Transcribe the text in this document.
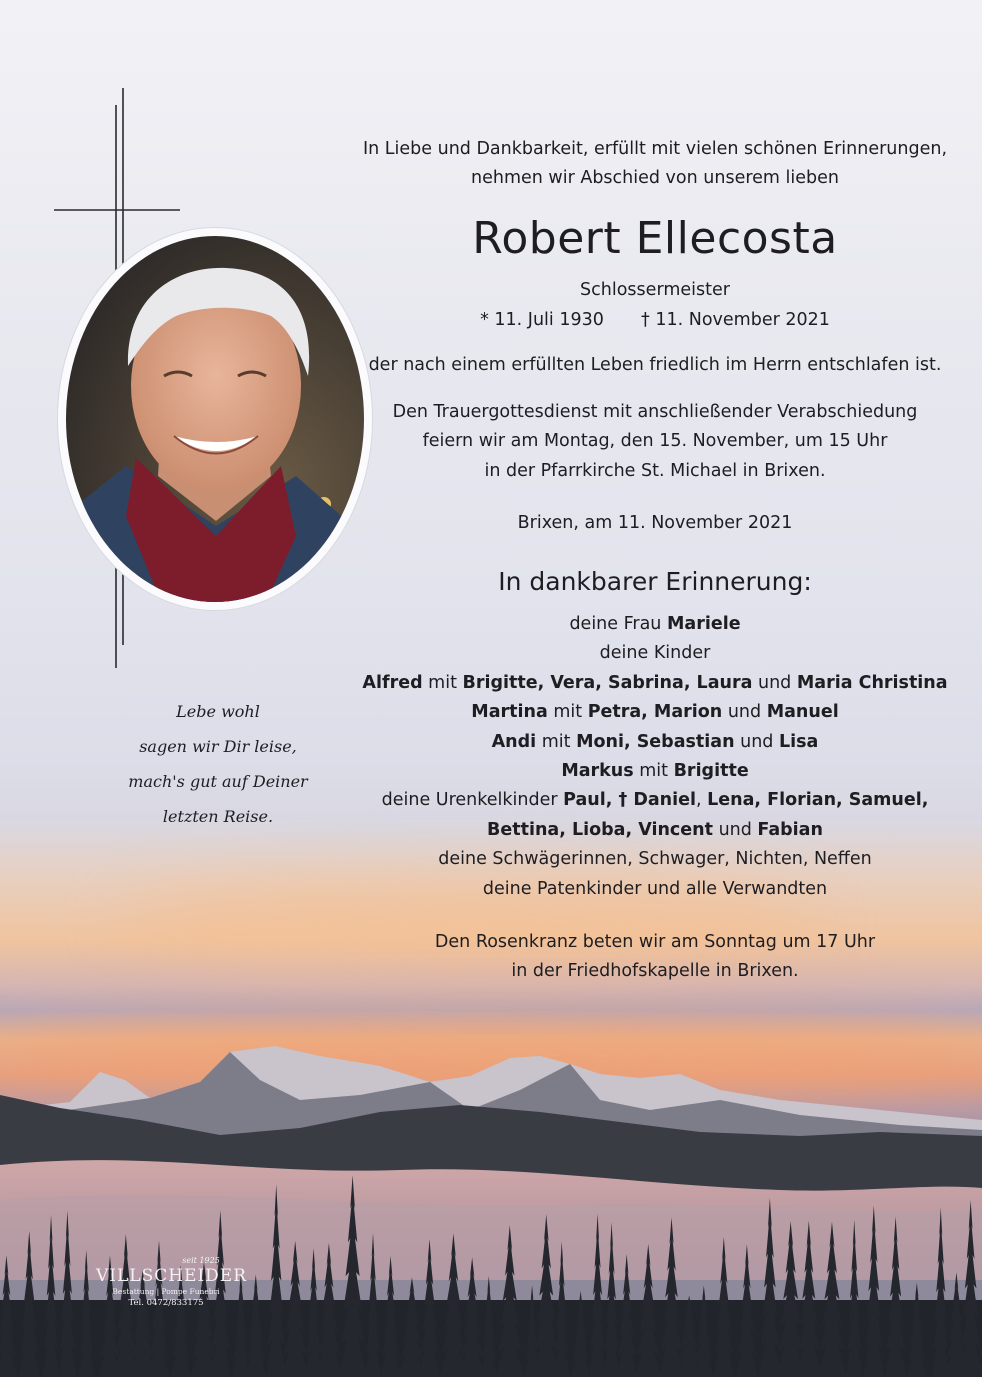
In Liebe und Dankbarkeit, erfüllt mit vielen schönen Erinnerungen,
nehmen wir Abschied von unserem lieben
Robert Ellecosta
Schlossermeister
* 11. Juli 1930 † 11. November 2021
der nach einem erfüllten Leben friedlich im Herrn entschlafen ist.
Den Trauergottesdienst mit anschließender Verabschiedung
feiern wir am Montag, den 15. November, um 15 Uhr
in der Pfarrkirche St. Michael in Brixen.
Brixen, am 11. November 2021
In dankbarer Erinnerung:
deine Frau Mariele
deine Kinder
Alfred mit Brigitte, Vera, Sabrina, Laura und Maria Christina
Martina mit Petra, Marion und Manuel
Andi mit Moni, Sebastian und Lisa
Markus mit Brigitte
deine Urenkelkinder Paul, † Daniel, Lena, Florian, Samuel,
Bettina, Lioba, Vincent und Fabian
deine Schwägerinnen, Schwager, Nichten, Neffen
deine Patenkinder und alle Verwandten
Den Rosenkranz beten wir am Sonntag um 17 Uhr
in der Friedhofskapelle in Brixen.
Lebe wohl
sagen wir Dir leise,
mach's gut auf Deiner
letzten Reise.
seit 1925
VILLSCHEIDER
Bestattung | Pompe Funebri
Tel. 0472/833175
